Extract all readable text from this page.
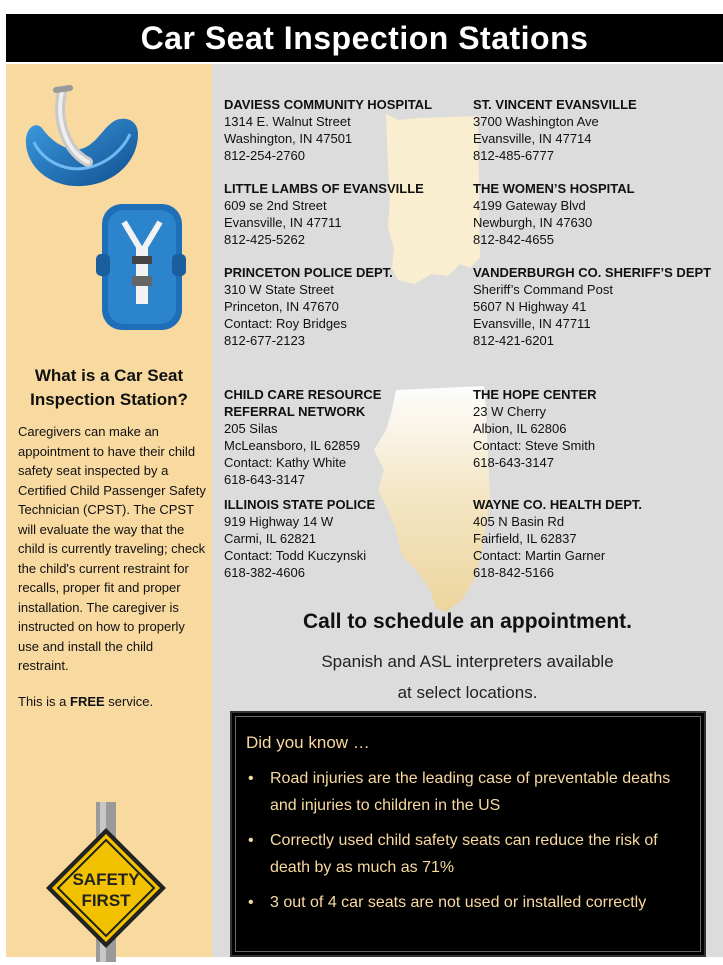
Car Seat Inspection Stations
What is a Car Seat
Inspection Station?

Caregivers can make an appointment to have their child safety seat inspected by a Certified Child Passenger Safety Technician (CPST). The CPST will evaluate the way that the child is currently traveling; check the child's current restraint for recalls, proper fit and proper installation. The caregiver is instructed on how to properly use and install the child restraint.

This is a FREE service.

SAFETY
FIRST
DAVIESS COMMUNITY HOSPITAL
1314 E. Walnut Street
Washington, IN 47501
812-254-2760
ST. VINCENT EVANSVILLE
3700 Washington Ave
Evansville, IN 47714
812-485-6777
LITTLE LAMBS OF EVANSVILLE
609 se 2nd Street
Evansville, IN 47711
812-425-5262
THE WOMEN’S HOSPITAL
4199 Gateway Blvd
Newburgh, IN 47630
812-842-4655
PRINCETON POLICE DEPT.
310 W State Street
Princeton, IN 47670
Contact: Roy Bridges
812-677-2123
VANDERBURGH CO. SHERIFF’S DEPT
Sheriff’s Command Post
5607 N Highway 41
Evansville, IN 47711
812-421-6201
CHILD CARE RESOURCE
REFERRAL NETWORK
205 Silas
McLeansboro, IL 62859
Contact: Kathy White
618-643-3147
THE HOPE CENTER
23 W Cherry
Albion, IL 62806
Contact: Steve Smith
618-643-3147
ILLINOIS STATE POLICE
919 Highway 14 W
Carmi, IL 62821
Contact: Todd Kuczynski
618-382-4606
WAYNE CO. HEALTH DEPT.
405 N Basin Rd
Fairfield, IL 62837
Contact: Martin Garner
618-842-5166
Call to schedule an appointment.
Spanish and ASL interpreters available
at select locations.
Did you know …
• Road injuries are the leading case of preventable deaths and injuries to children in the US
• Correctly used child safety seats can reduce the risk of death by as much as 71%
• 3 out of 4 car seats are not used or installed correctly
